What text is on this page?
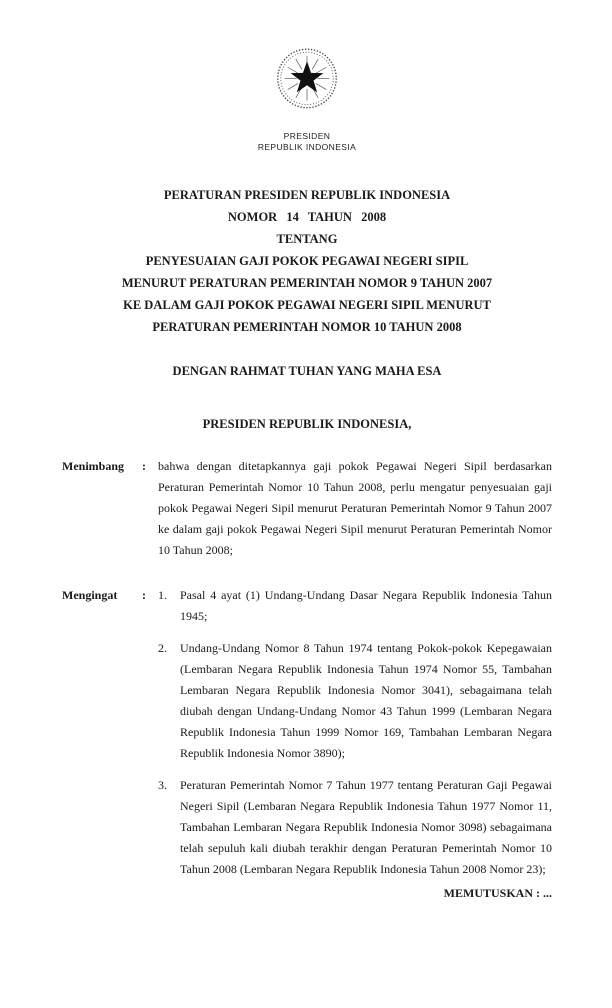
PRESIDEN
REPUBLIK INDONESIA
PERATURAN PRESIDEN REPUBLIK INDONESIA
NOMOR 14 TAHUN 2008
TENTANG
PENYESUAIAN GAJI POKOK PEGAWAI NEGERI SIPIL
MENURUT PERATURAN PEMERINTAH NOMOR 9 TAHUN 2007
KE DALAM GAJI POKOK PEGAWAI NEGERI SIPIL MENURUT
PERATURAN PEMERINTAH NOMOR 10 TAHUN 2008
DENGAN RAHMAT TUHAN YANG MAHA ESA
PRESIDEN REPUBLIK INDONESIA,
Menimbang	:	bahwa dengan ditetapkannya gaji pokok Pegawai Negeri Sipil berdasarkan Peraturan Pemerintah Nomor 10 Tahun 2008, perlu mengatur penyesuaian gaji pokok Pegawai Negeri Sipil menurut Peraturan Pemerintah Nomor 9 Tahun 2007 ke dalam gaji pokok Pegawai Negeri Sipil menurut Peraturan Pemerintah Nomor 10 Tahun 2008;
Mengingat	:	1.	Pasal 4 ayat (1) Undang-Undang Dasar Negara Republik Indonesia Tahun 1945;
2.	Undang-Undang Nomor 8 Tahun 1974 tentang Pokok-pokok Kepegawaian (Lembaran Negara Republik Indonesia Tahun 1974 Nomor 55, Tambahan Lembaran Negara Republik Indonesia Nomor 3041), sebagaimana telah diubah dengan Undang-Undang Nomor 43 Tahun 1999 (Lembaran Negara Republik Indonesia Tahun 1999 Nomor 169, Tambahan Lembaran Negara Republik Indonesia Nomor 3890);
3.	Peraturan Pemerintah Nomor 7 Tahun 1977 tentang Peraturan Gaji Pegawai Negeri Sipil (Lembaran Negara Republik Indonesia Tahun 1977 Nomor 11, Tambahan Lembaran Negara Republik Indonesia Nomor 3098) sebagaimana telah sepuluh kali diubah terakhir dengan Peraturan Pemerintah Nomor 10 Tahun 2008 (Lembaran Negara Republik Indonesia Tahun 2008 Nomor 23);
MEMUTUSKAN : ...
